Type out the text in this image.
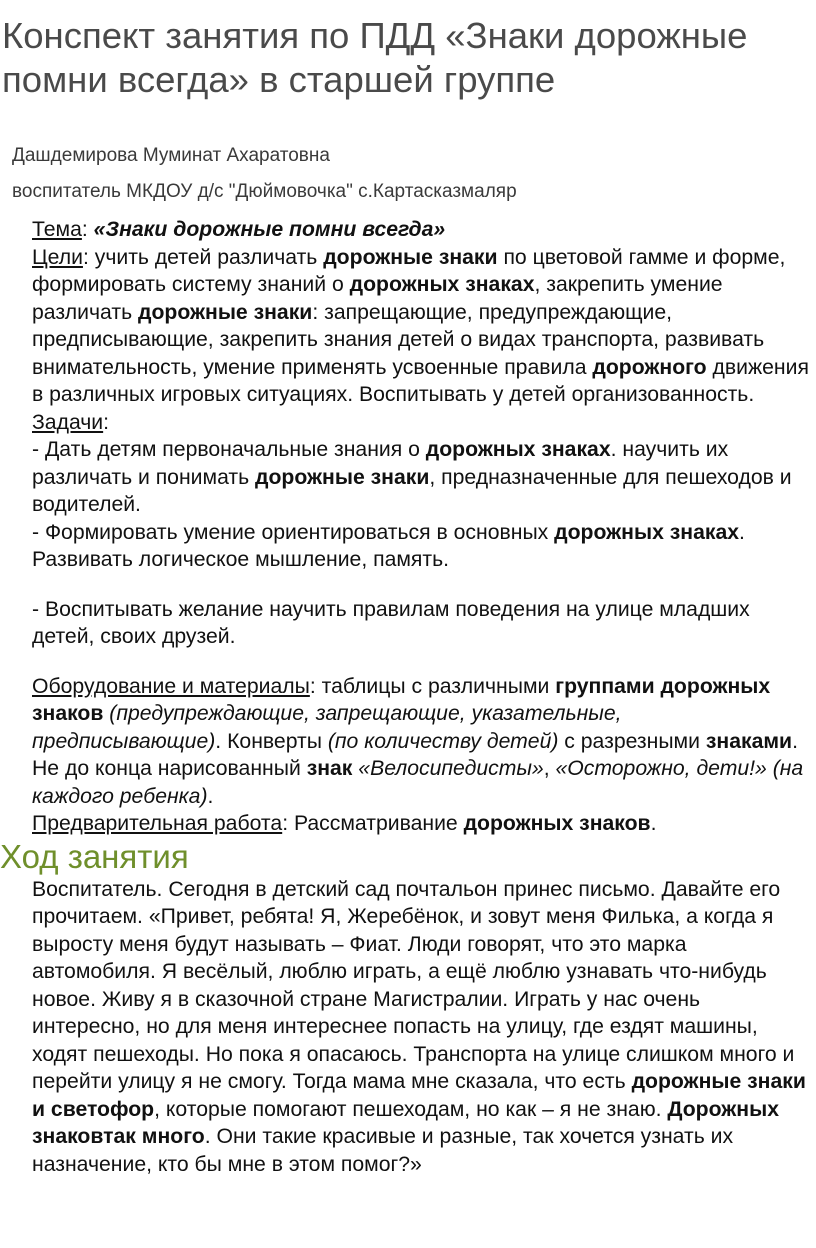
Конспект занятия по ПДД «Знаки дорожные помни всегда» в старшей группе
Дашдемирова Муминат Ахаратовна
воспитатель МКДОУ д/с "Дюймовочка" с.Картасказмаляр

Тема: «Знаки дорожные помни всегда»

Цели: учить детей различать дорожные знаки по цветовой гамме и форме, формировать систему знаний о дорожных знаках, закрепить умение различать дорожные знаки: запрещающие, предупреждающие, предписывающие, закрепить знания детей о видах транспорта, развивать внимательность, умение применять усвоенные правила дорожного движения в различных игровых ситуациях. Воспитывать у детей организованность.

Задачи:

- Дать детям первоначальные знания о дорожных знаках. научить их различать и понимать дорожные знаки, предназначенные для пешеходов и водителей.

- Формировать умение ориентироваться в основных дорожных знаках. Развивать логическое мышление, память.

- Воспитывать желание научить правилам поведения на улице младших детей, своих друзей.

Оборудование и материалы: таблицы с различными группами дорожных знаков (предупреждающие, запрещающие, указательные, предписывающие). Конверты (по количеству детей) с разрезными знаками. Не до конца нарисованный знак «Велосипедисты», «Осторожно, дети!» (на каждого ребенка).

Предварительная работа: Рассматривание дорожных знаков.

Ход занятия

Воспитатель. Сегодня в детский сад почтальон принес письмо. Давайте его прочитаем. «Привет, ребята! Я, Жеребёнок, и зовут меня Филька, а когда я выросту меня будут называть – Фиат. Люди говорят, что это марка автомобиля. Я весёлый, люблю играть, а ещё люблю узнавать что-нибудь новое. Живу я в сказочной стране Магистралии. Играть у нас очень интересно, но для меня интереснее попасть на улицу, где ездят машины, ходят пешеходы. Но пока я опасаюсь. Транспорта на улице слишком много и перейти улицу я не смогу. Тогда мама мне сказала, что есть дорожные знаки и светофор, которые помогают пешеходам, но как – я не знаю. Дорожных знаковтак много. Они такие красивые и разные, так хочется узнать их назначение, кто бы мне в этом помог?»
